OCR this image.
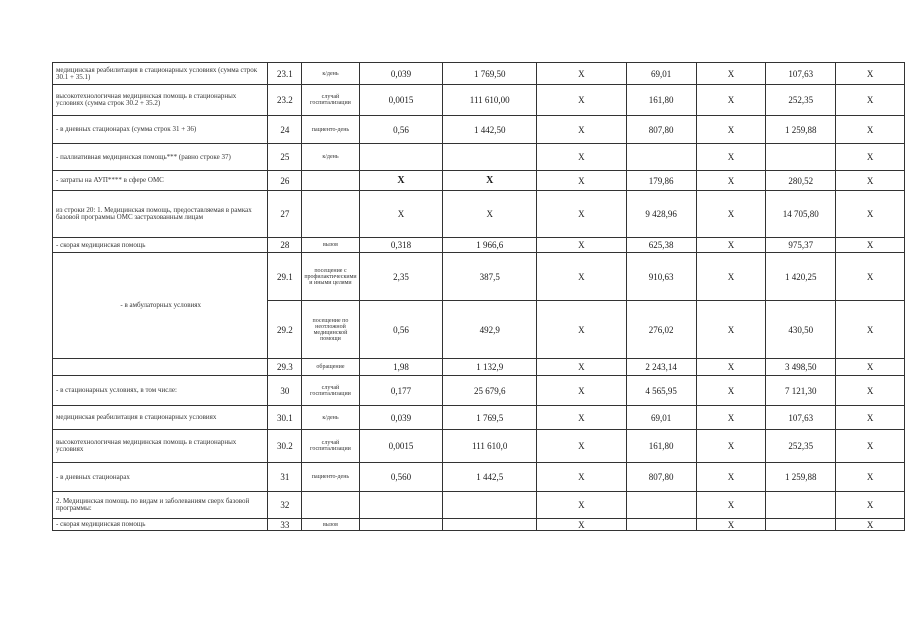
медицинская реабилитация в стационарных условиях (сумма строк 30.1 + 35.1)	23.1	к/день	0,039	1 769,50	Х	69,01	Х	107,63	Х
высокотехнологичная медицинская помощь в стационарных условиях (сумма строк 30.2 + 35.2)	23.2	случай госпитализации	0,0015	111 610,00	Х	161,80	Х	252,35	Х
- в дневных стационарах (сумма строк 31 + 36)	24	пациенто-день	0,56	1 442,50	Х	807,80	Х	1 259,88	Х
- паллиативная медицинская помощь*** (равно строке 37)	25	к/день			Х		Х		Х
- затраты на АУП**** в сфере ОМС	26		Х	Х	Х	179,86	Х	280,52	Х
из строки 20: 1. Медицинская помощь, предоставляемая в рамках базовой программы ОМС застрахованным лицам	27		Х	Х	Х	9 428,96	Х	14 705,80	Х
- скорая медицинская помощь	28	вызов	0,318	1 966,6	Х	625,38	Х	975,37	Х
- в амбулаторных условиях	29.1	посещение с профилактическими и иными целями	2,35	387,5	Х	910,63	Х	1 420,25	Х
	29.2	посещение по неотложной медицинской помощи	0,56	492,9	Х	276,02	Х	430,50	Х
	29.3	обращение	1,98	1 132,9	Х	2 243,14	Х	3 498,50	Х
- в стационарных условиях, в том числе:	30	случай госпитализации	0,177	25 679,6	Х	4 565,95	Х	7 121,30	Х
медицинская реабилитация в стационарных условиях	30.1	к/день	0,039	1 769,5	Х	69,01	Х	107,63	Х
высокотехнологичная медицинская помощь в стационарных условиях	30.2	случай госпитализации	0,0015	111 610,0	Х	161,80	Х	252,35	Х
- в дневных стационарах	31	пациенто-день	0,560	1 442,5	Х	807,80	Х	1 259,88	Х
2. Медицинская помощь по видам и заболеваниям сверх базовой программы:	32				Х		Х		Х
- скорая медицинская помощь	33	вызов			Х		Х		Х
